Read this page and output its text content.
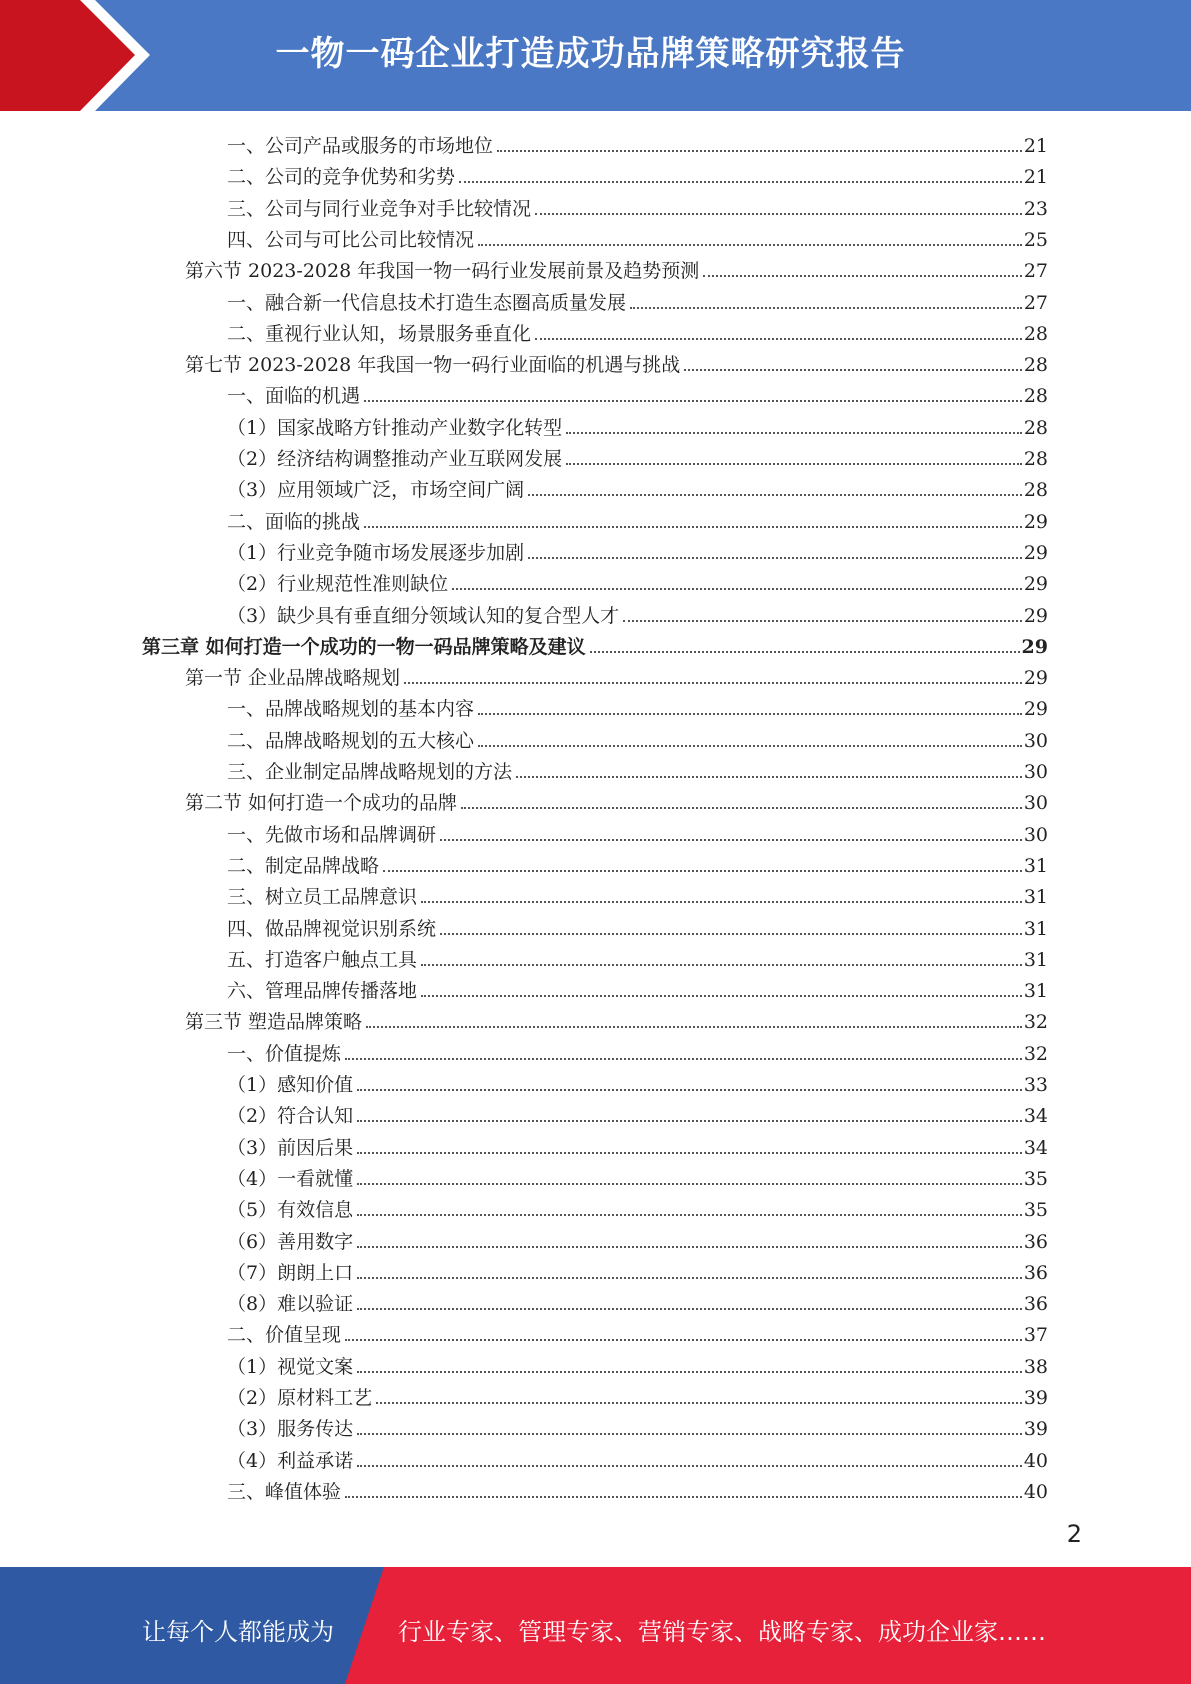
一物一码企业打造成功品牌策略研究报告
一、公司产品或服务的市场地位	21
二、公司的竞争优势和劣势	21
三、公司与同行业竞争对手比较情况	23
四、公司与可比公司比较情况	25
第六节 2023-2028 年我国一物一码行业发展前景及趋势预测	27
一、融合新一代信息技术打造生态圈高质量发展	27
二、重视行业认知，场景服务垂直化	28
第七节 2023-2028 年我国一物一码行业面临的机遇与挑战	28
一、面临的机遇	28
（1）国家战略方针推动产业数字化转型	28
（2）经济结构调整推动产业互联网发展	28
（3）应用领域广泛，市场空间广阔	28
二、面临的挑战	29
（1）行业竞争随市场发展逐步加剧	29
（2）行业规范性准则缺位	29
（3）缺少具有垂直细分领域认知的复合型人才	29
第三章 如何打造一个成功的一物一码品牌策略及建议	29
第一节 企业品牌战略规划	29
一、品牌战略规划的基本内容	29
二、品牌战略规划的五大核心	30
三、企业制定品牌战略规划的方法	30
第二节 如何打造一个成功的品牌	30
一、先做市场和品牌调研	30
二、制定品牌战略	31
三、树立员工品牌意识	31
四、做品牌视觉识别系统	31
五、打造客户触点工具	31
六、管理品牌传播落地	31
第三节 塑造品牌策略	32
一、价值提炼	32
（1）感知价值	33
（2）符合认知	34
（3）前因后果	34
（4）一看就懂	35
（5）有效信息	35
（6）善用数字	36
（7）朗朗上口	36
（8）难以验证	36
二、价值呈现	37
（1）视觉文案	38
（2）原材料工艺	39
（3）服务传达	39
（4）利益承诺	40
三、峰值体验	40
2
让每个人都能成为	行业专家、管理专家、营销专家、战略专家、成功企业家……
